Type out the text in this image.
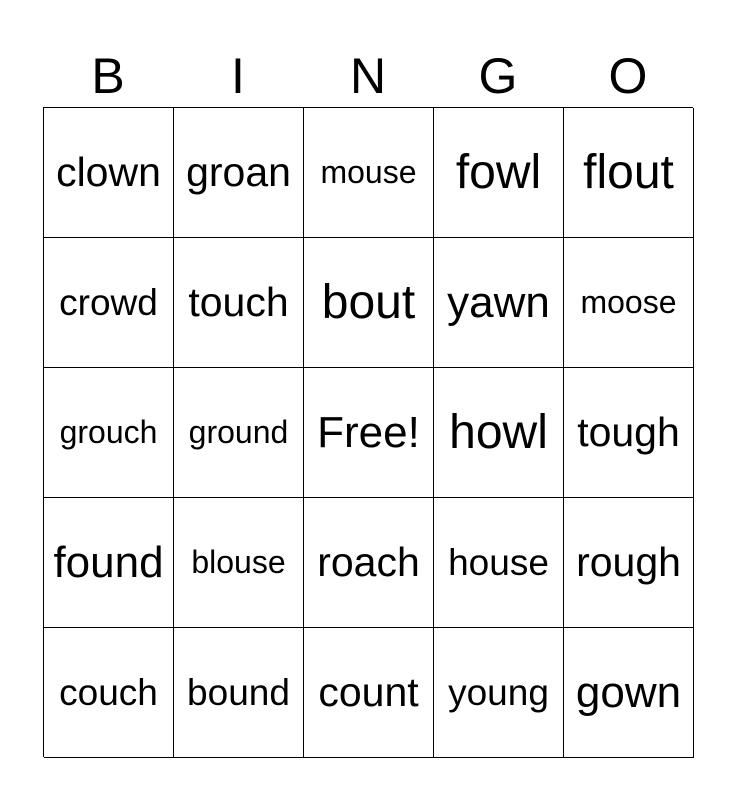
B	I	N	G	O
clown groan mouse fowl flout
crowd touch bout yawn moose
grouch ground Free! howl tough
found blouse roach house rough
couch bound count young gown
